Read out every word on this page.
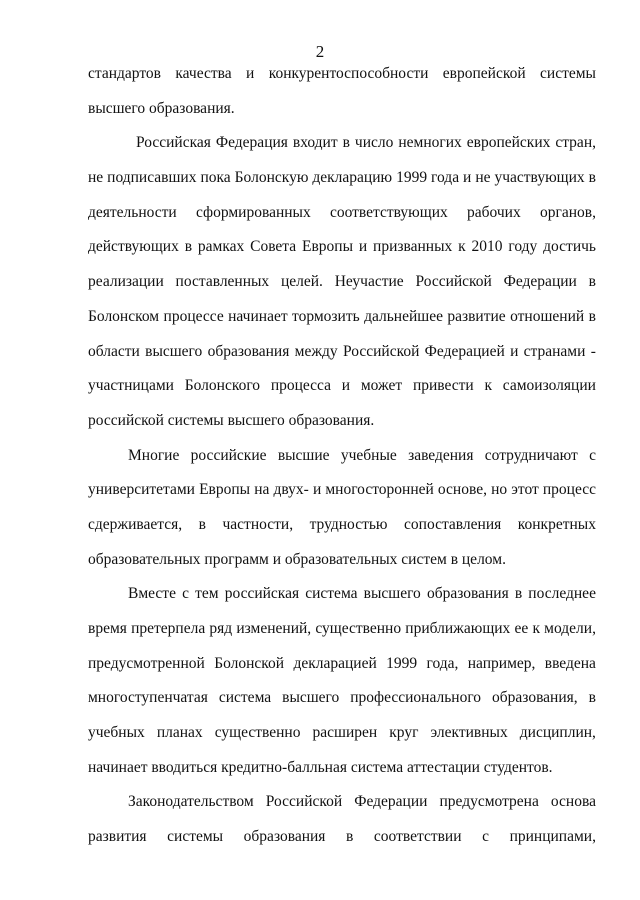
2
стандартов качества и конкурентоспособности европейской системы
высшего образования.
Российская Федерация входит в число немногих европейских стран,
не подписавших пока Болонскую декларацию 1999 года и не участвующих в
деятельности сформированных соответствующих рабочих органов,
действующих в рамках Совета Европы и призванных к 2010 году достичь
реализации поставленных целей. Неучастие Российской Федерации в
Болонском процессе начинает тормозить дальнейшее развитие отношений в
области высшего образования между Российской Федерацией и странами -
участницами Болонского процесса и может привести к самоизоляции
российской системы высшего образования.
Многие российские высшие учебные заведения сотрудничают с
университетами Европы на двух- и многосторонней основе, но этот процесс
сдерживается, в частности, трудностью сопоставления конкретных
образовательных программ и образовательных систем в целом.
Вместе с тем российская система высшего образования в последнее
время претерпела ряд изменений, существенно приближающих ее к модели,
предусмотренной Болонской декларацией 1999 года, например, введена
многоступенчатая система высшего профессионального образования, в
учебных планах существенно расширен круг элективных дисциплин,
начинает вводиться кредитно-балльная система аттестации студентов.
Законодательством Российской Федерации предусмотрена основа
развития системы образования в соответствии с принципами,
